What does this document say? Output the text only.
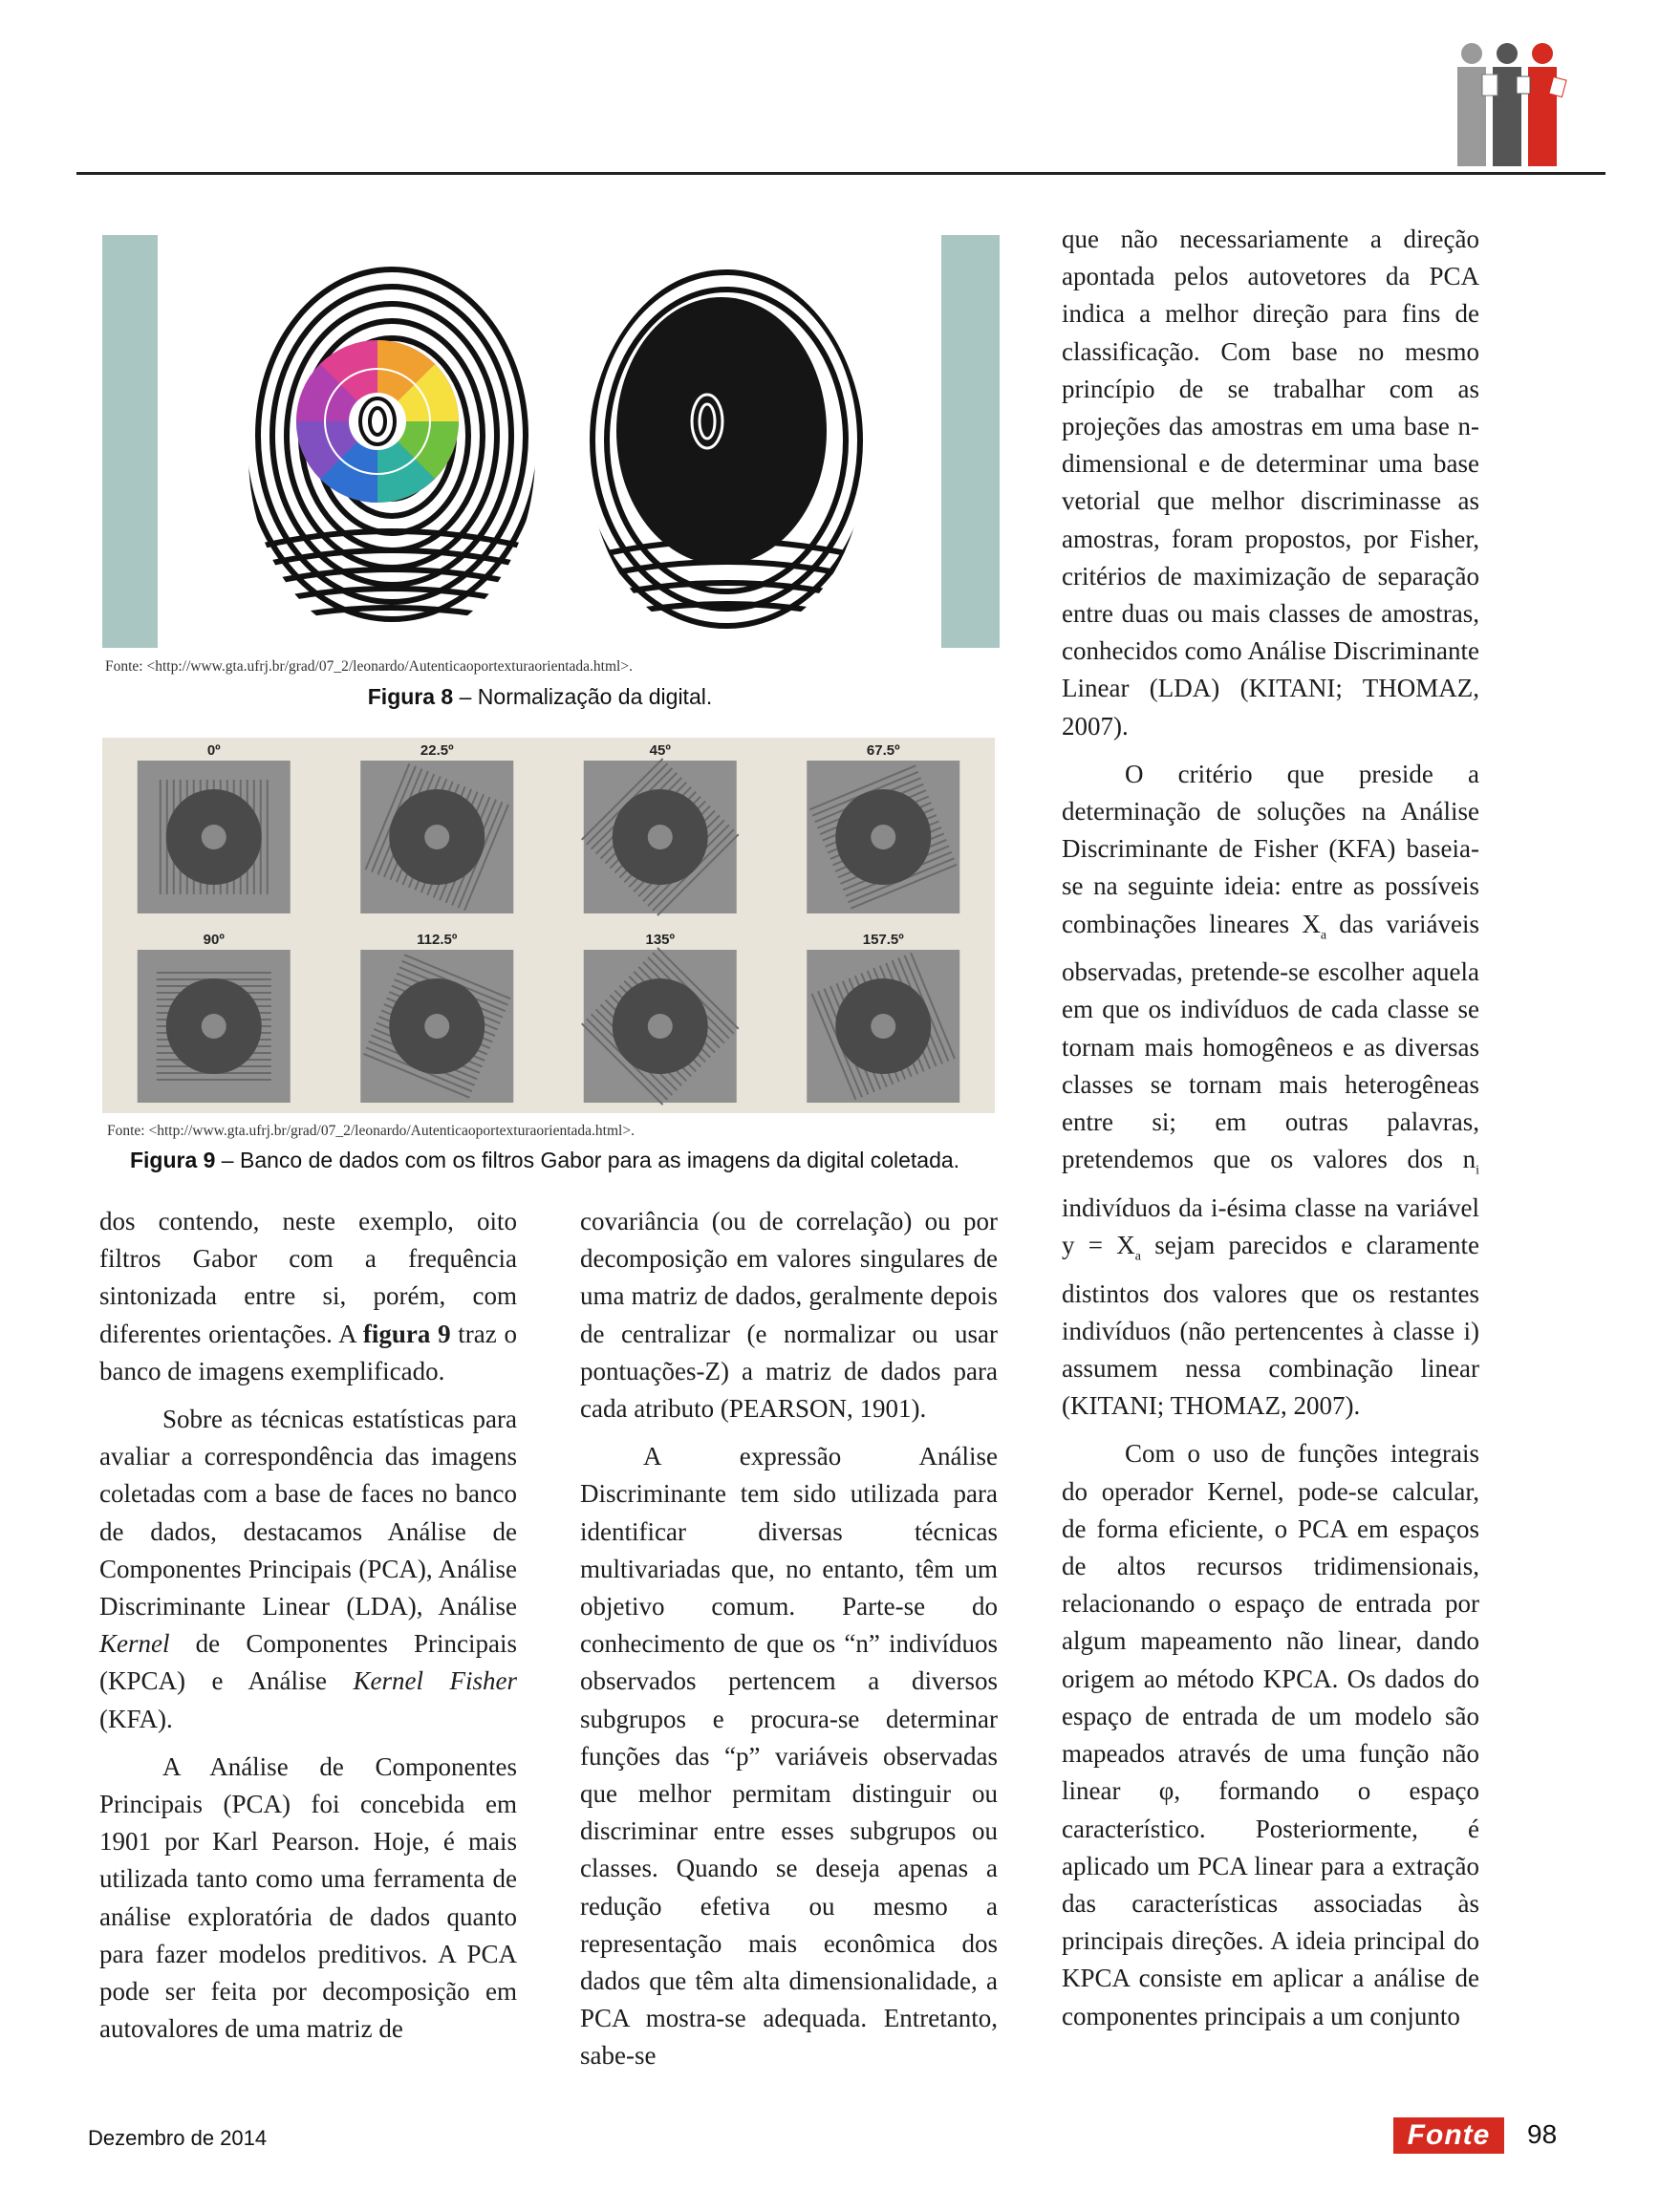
Fonte: <http://www.gta.ufrj.br/grad/07_2/leonardo/Autenticaoportexturaorientada.html>.
Figura 8 – Normalização da digital.
0º	22.5º	45º	67.5º
90º	112.5º	135º	157.5º
Fonte: <http://www.gta.ufrj.br/grad/07_2/leonardo/Autenticaoportexturaorientada.html>.
Figura 9 – Banco de dados com os filtros Gabor para as imagens da digital coletada.

dos contendo, neste exemplo, oito filtros Gabor com a frequência sintonizada entre si, porém, com diferentes orientações. A figura 9 traz o banco de imagens exemplificado.

Sobre as técnicas estatísticas para avaliar a correspondência das imagens coletadas com a base de faces no banco de dados, destacamos Análise de Componentes Principais (PCA), Análise Discriminante Linear (LDA), Análise Kernel de Componentes Principais (KPCA) e Análise Kernel Fisher (KFA).

A Análise de Componentes Principais (PCA) foi concebida em 1901 por Karl Pearson. Hoje, é mais utilizada tanto como uma ferramenta de análise exploratória de dados quanto para fazer modelos preditivos. A PCA pode ser feita por decomposição em autovalores de uma matriz de

covariância (ou de correlação) ou por decomposição em valores singulares de uma matriz de dados, geralmente depois de centralizar (e normalizar ou usar pontuações-Z) a matriz de dados para cada atributo (PEARSON, 1901).

A expressão Análise Discriminante tem sido utilizada para identificar diversas técnicas multivariadas que, no entanto, têm um objetivo comum. Parte-se do conhecimento de que os “n” indivíduos observados pertencem a diversos subgrupos e procura-se determinar funções das “p” variáveis observadas que melhor permitam distinguir ou discriminar entre esses subgrupos ou classes. Quando se deseja apenas a redução efetiva ou mesmo a representação mais econômica dos dados que têm alta dimensionalidade, a PCA mostra-se adequada. Entretanto, sabe-se

que não necessariamente a direção apontada pelos autovetores da PCA indica a melhor direção para fins de classificação. Com base no mesmo princípio de se trabalhar com as projeções das amostras em uma base n-dimensional e de determinar uma base vetorial que melhor discriminasse as amostras, foram propostos, por Fisher, critérios de maximização de separação entre duas ou mais classes de amostras, conhecidos como Análise Discriminante Linear (LDA) (KITANI; THOMAZ, 2007).

O critério que preside a determinação de soluções na Análise Discriminante de Fisher (KFA) baseia-se na seguinte ideia: entre as possíveis combinações lineares $X_a$ das variáveis observadas, pretende-se escolher aquela em que os indivíduos de cada classe se tornam mais homogêneos e as diversas classes se tornam mais heterogêneas entre si; em outras palavras, pretendemos que os valores dos $n_i$ indivíduos da i-ésima classe na variável $y = X_a$ sejam parecidos e claramente distintos dos valores que os restantes indivíduos (não pertencentes à classe i) assumem nessa combinação linear (KITANI; THOMAZ, 2007).

Com o uso de funções integrais do operador Kernel, pode-se calcular, de forma eficiente, o PCA em espaços de altos recursos tridimensionais, relacionando o espaço de entrada por algum mapeamento não linear, dando origem ao método KPCA. Os dados do espaço de entrada de um modelo são mapeados através de uma função não linear φ, formando o espaço característico. Posteriormente, é aplicado um PCA linear para a extração das características associadas às principais direções. A ideia principal do KPCA consiste em aplicar a análise de componentes principais a um conjunto

Dezembro de 2014	Fonte	98
